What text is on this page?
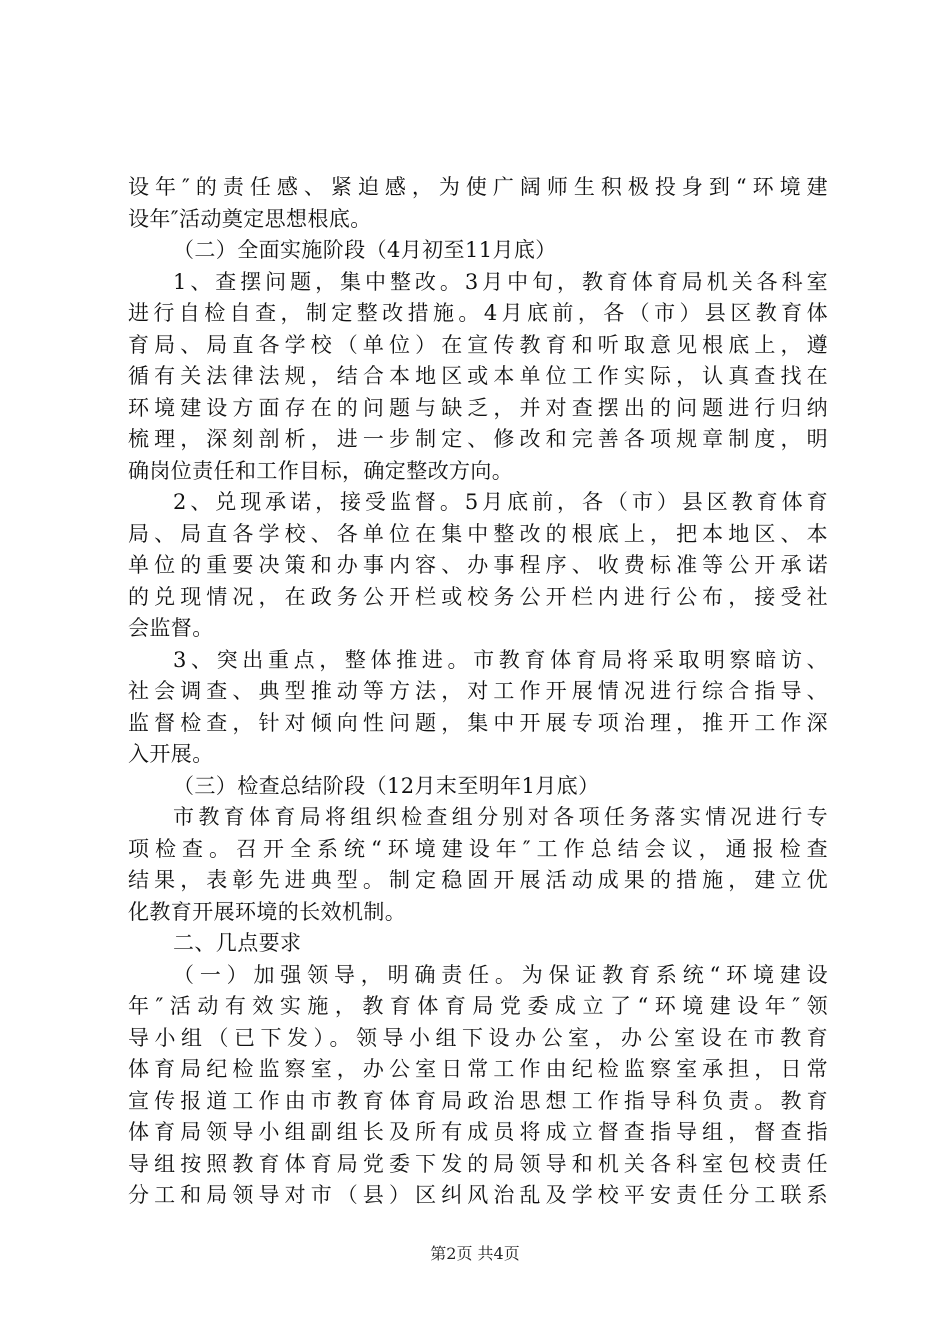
设年″的责任感、紧迫感，为使广阔师生积极投身到“环境建
设年″活动奠定思想根底。
（二）全面实施阶段（4月初至11月底）
1、查摆问题，集中整改。3月中旬，教育体育局机关各科室
进行自检自查，制定整改措施。4月底前，各（市）县区教育体
育局、局直各学校（单位）在宣传教育和听取意见根底上，遵
循有关法律法规，结合本地区或本单位工作实际，认真查找在
环境建设方面存在的问题与缺乏，并对查摆出的问题进行归纳
梳理，深刻剖析，进一步制定、修改和完善各项规章制度，明
确岗位责任和工作目标，确定整改方向。
2、兑现承诺，接受监督。5月底前，各（市）县区教育体育
局、局直各学校、各单位在集中整改的根底上，把本地区、本
单位的重要决策和办事内容、办事程序、收费标准等公开承诺
的兑现情况，在政务公开栏或校务公开栏内进行公布，接受社
会监督。
3、突出重点，整体推进。市教育体育局将采取明察暗访、
社会调查、典型推动等方法，对工作开展情况进行综合指导、
监督检查，针对倾向性问题，集中开展专项治理，推开工作深
入开展。
（三）检查总结阶段（12月末至明年1月底）
市教育体育局将组织检查组分别对各项任务落实情况进行专
项检查。召开全系统“环境建设年″工作总结会议，通报检查
结果，表彰先进典型。制定稳固开展活动成果的措施，建立优
化教育开展环境的长效机制。
二、几点要求
（一）加强领导，明确责任。为保证教育系统“环境建设
年″活动有效实施，教育体育局党委成立了“环境建设年″领
导小组（已下发）。领导小组下设办公室，办公室设在市教育
体育局纪检监察室，办公室日常工作由纪检监察室承担，日常
宣传报道工作由市教育体育局政治思想工作指导科负责。教育
体育局领导小组副组长及所有成员将成立督查指导组，督查指
导组按照教育体育局党委下发的局领导和机关各科室包校责任
分工和局领导对市（县）区纠风治乱及学校平安责任分工联系
第2页 共4页
